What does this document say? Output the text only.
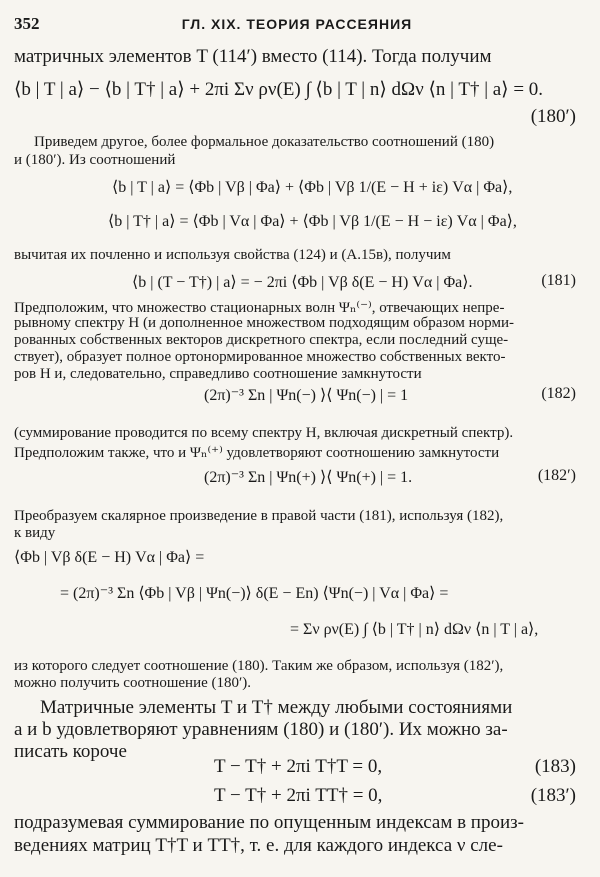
352	ГЛ. XIX. ТЕОРИЯ РАССЕЯНИЯ
матричных элементов T (114′) вместо (114). Тогда получим
⟨b | T | a⟩ − ⟨b | T† | a⟩ + 2πi Σν ρν(E) ∫ ⟨b | T | n⟩ dΩν ⟨n | T† | a⟩ = 0.
(180′)
Приведем другое, более формальное доказательство соотношений (180)
и (180′). Из соотношений
⟨b | T | a⟩ = ⟨Φb | Vβ | Φa⟩ + ⟨Φb | Vβ 1/(E − H + iε) Vα | Φa⟩,
⟨b | T† | a⟩ = ⟨Φb | Vα | Φa⟩ + ⟨Φb | Vβ 1/(E − H − iε) Vα | Φa⟩,
вычитая их почленно и используя свойства (124) и (A.15в), получим
⟨b | (T − T†) | a⟩ = − 2πi ⟨Φb | Vβ δ(E − H) Vα | Φa⟩.	(181)
Предположим, что множество стационарных волн Ψₙ⁽⁻⁾, отвечающих непре-
рывному спектру H (и дополненное множеством подходящим образом норми-
рованных собственных векторов дискретного спектра, если последний суще-
ствует), образует полное ортонормированное множество собственных векто-
ров H и, следовательно, справедливо соотношение замкнутости
(2π)⁻³ Σn | Ψn(−) ⟩⟨ Ψn(−) | = 1	(182)
(суммирование проводится по всему спектру H, включая дискретный спектр).
Предположим также, что и Ψₙ⁽⁺⁾ удовлетворяют соотношению замкнутости
(2π)⁻³ Σn | Ψn(+) ⟩⟨ Ψn(+) | = 1.	(182′)
Преобразуем скалярное произведение в правой части (181), используя (182),
к виду
⟨Φb | Vβ δ(E − H) Vα | Φa⟩ =
= (2π)⁻³ Σn ⟨Φb | Vβ | Ψn(−)⟩ δ(E − En) ⟨Ψn(−) | Vα | Φa⟩ =
= Σν ρν(E) ∫ ⟨b | T† | n⟩ dΩν ⟨n | T | a⟩,
из которого следует соотношение (180). Таким же образом, используя (182′),
можно получить соотношение (180′).
Матричные элементы T и T† между любыми состояниями
a и b удовлетворяют уравнениям (180) и (180′). Их можно за-
писать короче
T − T† + 2πi T†T = 0,	(183)
T − T† + 2πi TT† = 0,	(183′)
подразумевая суммирование по опущенным индексам в произ-
ведениях матриц T†T и TT†, т. е. для каждого индекса ν сле-
